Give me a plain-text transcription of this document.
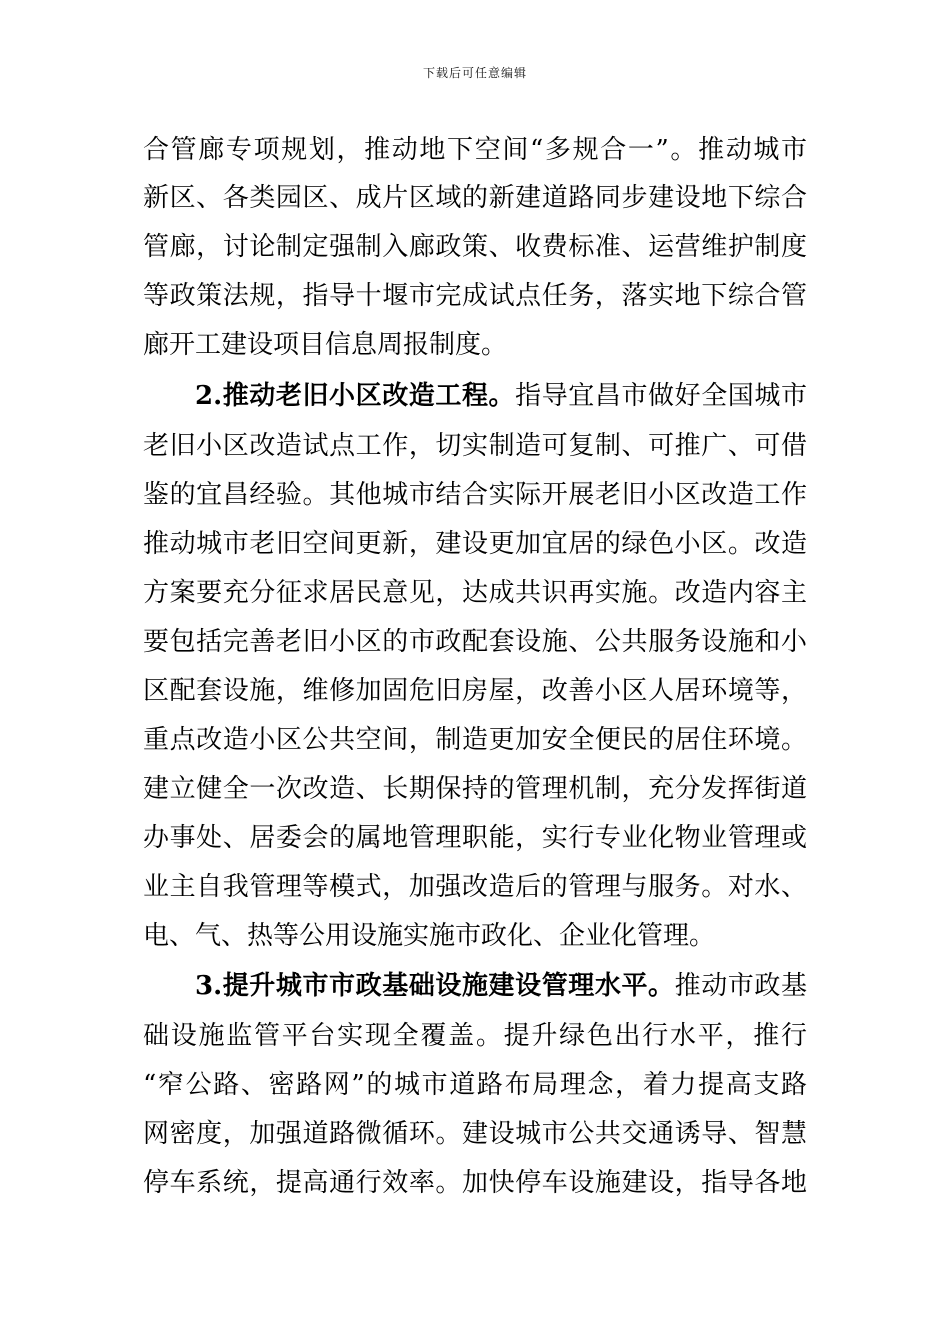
下载后可任意编辑
合管廊专项规划，推动地下空间“多规合一”。推动城市
新区、各类园区、成片区域的新建道路同步建设地下综合
管廊，讨论制定强制入廊政策、收费标准、运营维护制度
等政策法规，指导十堰市完成试点任务，落实地下综合管
廊开工建设项目信息周报制度。
2.推动老旧小区改造工程。指导宜昌市做好全国城市
老旧小区改造试点工作，切实制造可复制、可推广、可借
鉴的宜昌经验。其他城市结合实际开展老旧小区改造工作
推动城市老旧空间更新，建设更加宜居的绿色小区。改造
方案要充分征求居民意见，达成共识再实施。改造内容主
要包括完善老旧小区的市政配套设施、公共服务设施和小
区配套设施，维修加固危旧房屋，改善小区人居环境等，
重点改造小区公共空间，制造更加安全便民的居住环境。
建立健全一次改造、长期保持的管理机制，充分发挥街道
办事处、居委会的属地管理职能，实行专业化物业管理或
业主自我管理等模式，加强改造后的管理与服务。对水、
电、气、热等公用设施实施市政化、企业化管理。
3.提升城市市政基础设施建设管理水平。推动市政基
础设施监管平台实现全覆盖。提升绿色出行水平，推行
“窄公路、密路网”的城市道路布局理念，着力提高支路
网密度，加强道路微循环。建设城市公共交通诱导、智慧
停车系统，提高通行效率。加快停车设施建设，指导各地
